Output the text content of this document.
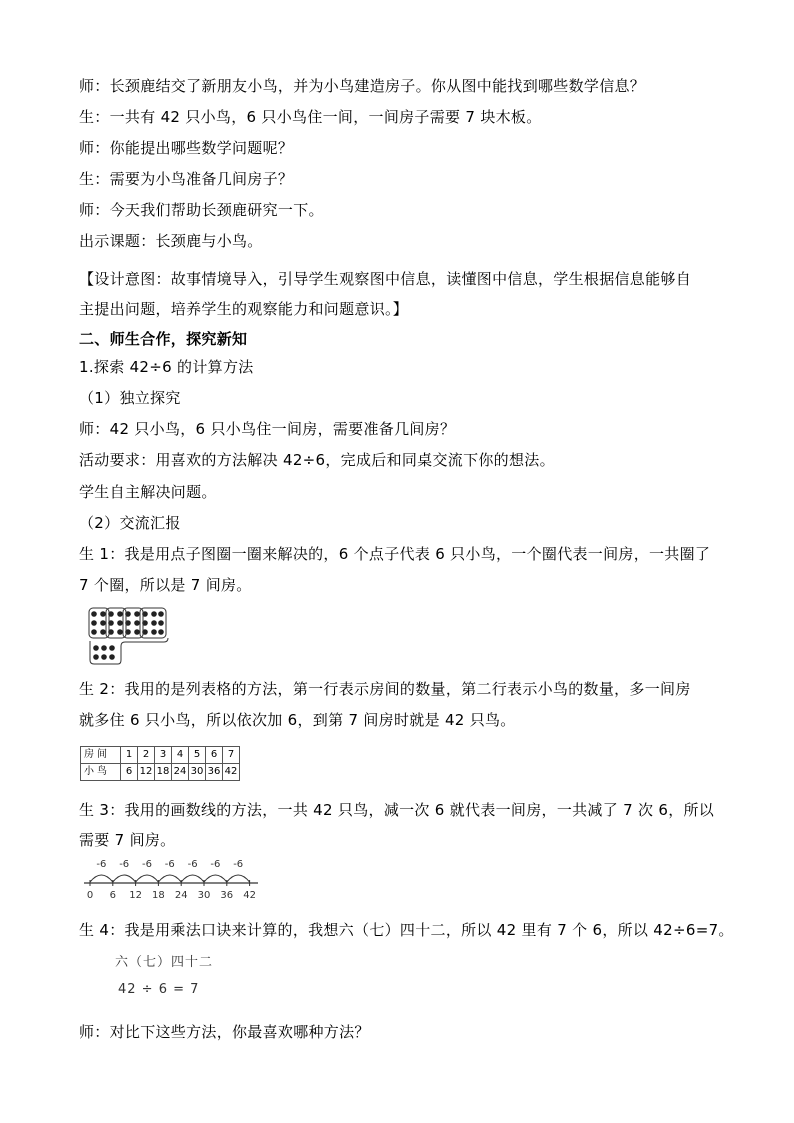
师：长颈鹿结交了新朋友小鸟，并为小鸟建造房子。你从图中能找到哪些数学信息？
生：一共有 42 只小鸟，6 只小鸟住一间，一间房子需要 7 块木板。
师：你能提出哪些数学问题呢？
生：需要为小鸟准备几间房子？
师：今天我们帮助长颈鹿研究一下。
出示课题：长颈鹿与小鸟。
【设计意图：故事情境导入，引导学生观察图中信息，读懂图中信息，学生根据信息能够自
主提出问题，培养学生的观察能力和问题意识。】
二、师生合作，探究新知
1.探索 42÷6 的计算方法
（1）独立探究
师：42 只小鸟，6 只小鸟住一间房，需要准备几间房？
活动要求：用喜欢的方法解决 42÷6，完成后和同桌交流下你的想法。
学生自主解决问题。
（2）交流汇报
生 1：我是用点子图圈一圈来解决的，6 个点子代表 6 只小鸟，一个圈代表一间房，一共圈了
7 个圈，所以是 7 间房。
生 2：我用的是列表格的方法，第一行表示房间的数量，第二行表示小鸟的数量，多一间房
就多住 6 只小鸟，所以依次加 6，到第 7 间房时就是 42 只鸟。
房间	1	2	3	4	5	6	7
小鸟	6	12	18	24	30	36	42
生 3：我用的画数线的方法，一共 42 只鸟，减一次 6 就代表一间房，一共减了 7 次 6，所以
需要 7 间房。
0 6 12 18 24 30 36 42
-6 -6 -6 -6 -6 -6 -6
生 4：我是用乘法口诀来计算的，我想六（七）四十二，所以 42 里有 7 个 6，所以 42÷6=7。
六（七）四十二
42 ÷ 6 = 7
师：对比下这些方法，你最喜欢哪种方法？
